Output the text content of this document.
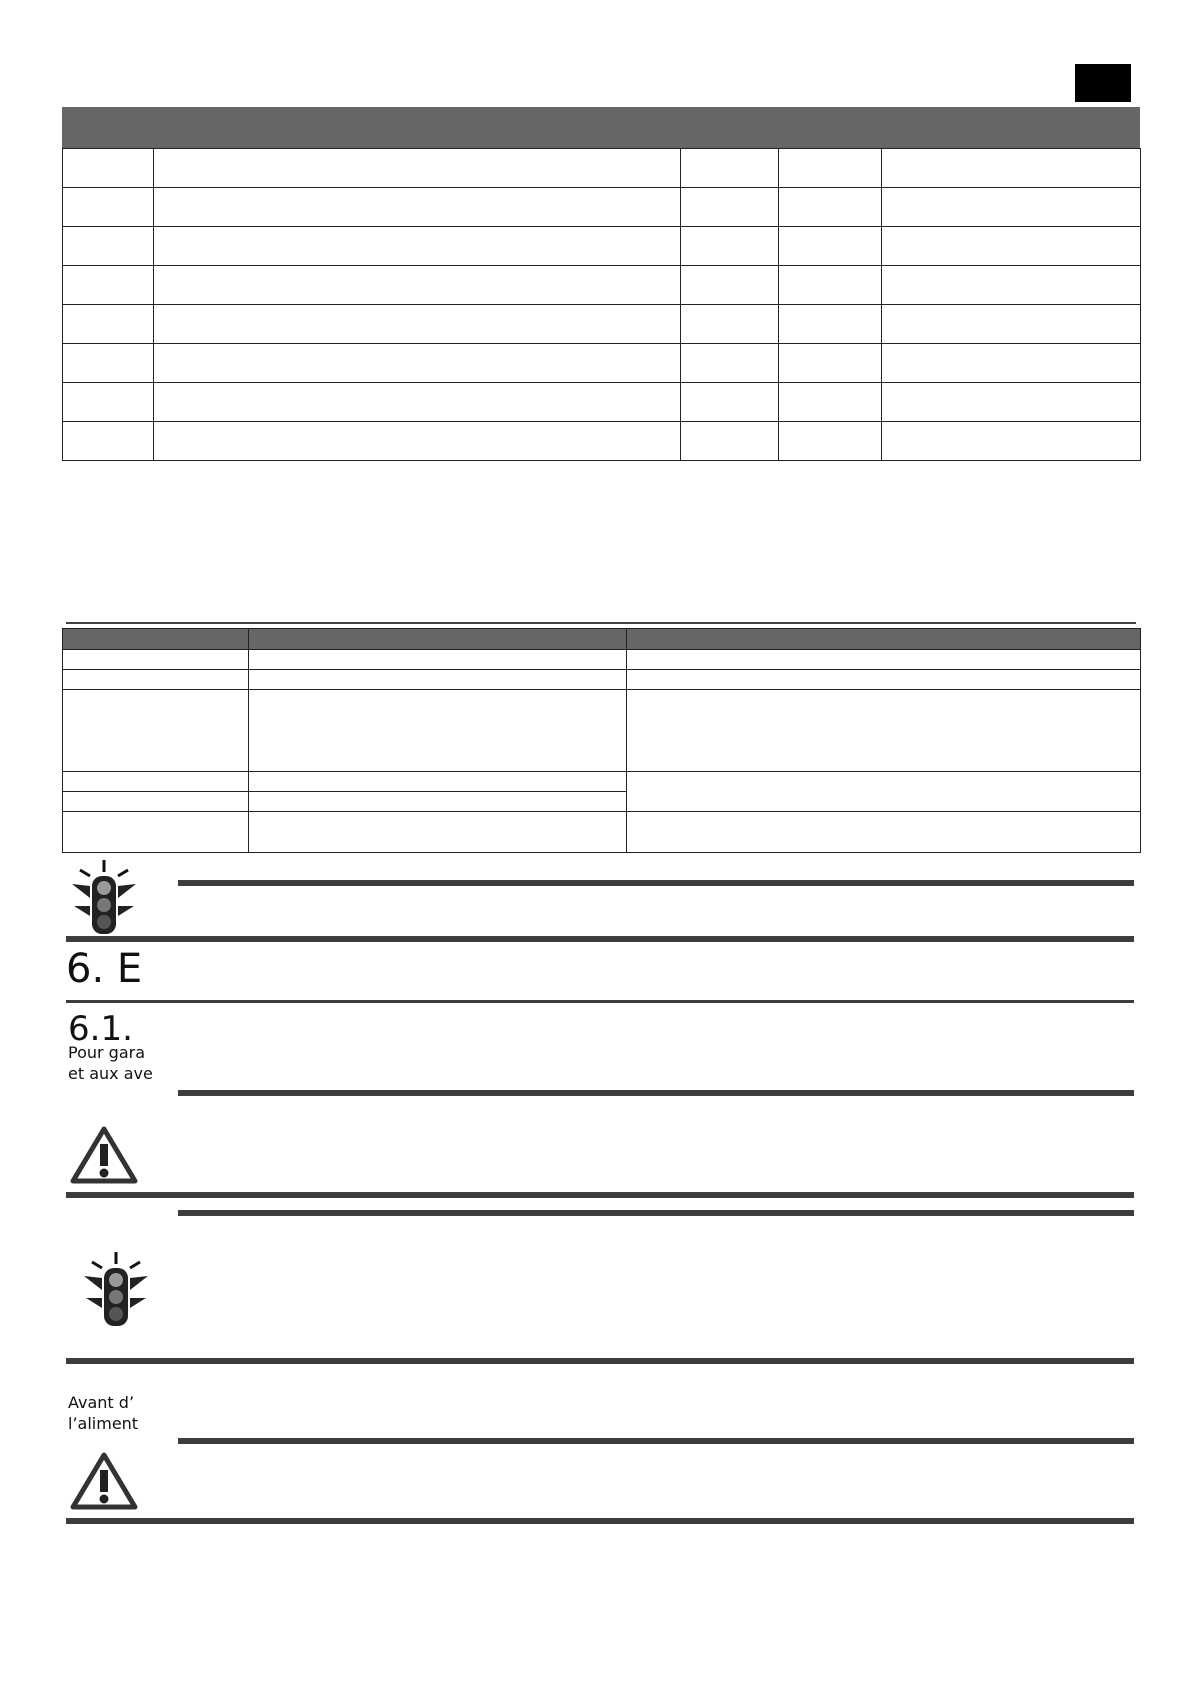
6. E
6.1.
Pour gara
et aux ave
Avant d’
l’aliment
